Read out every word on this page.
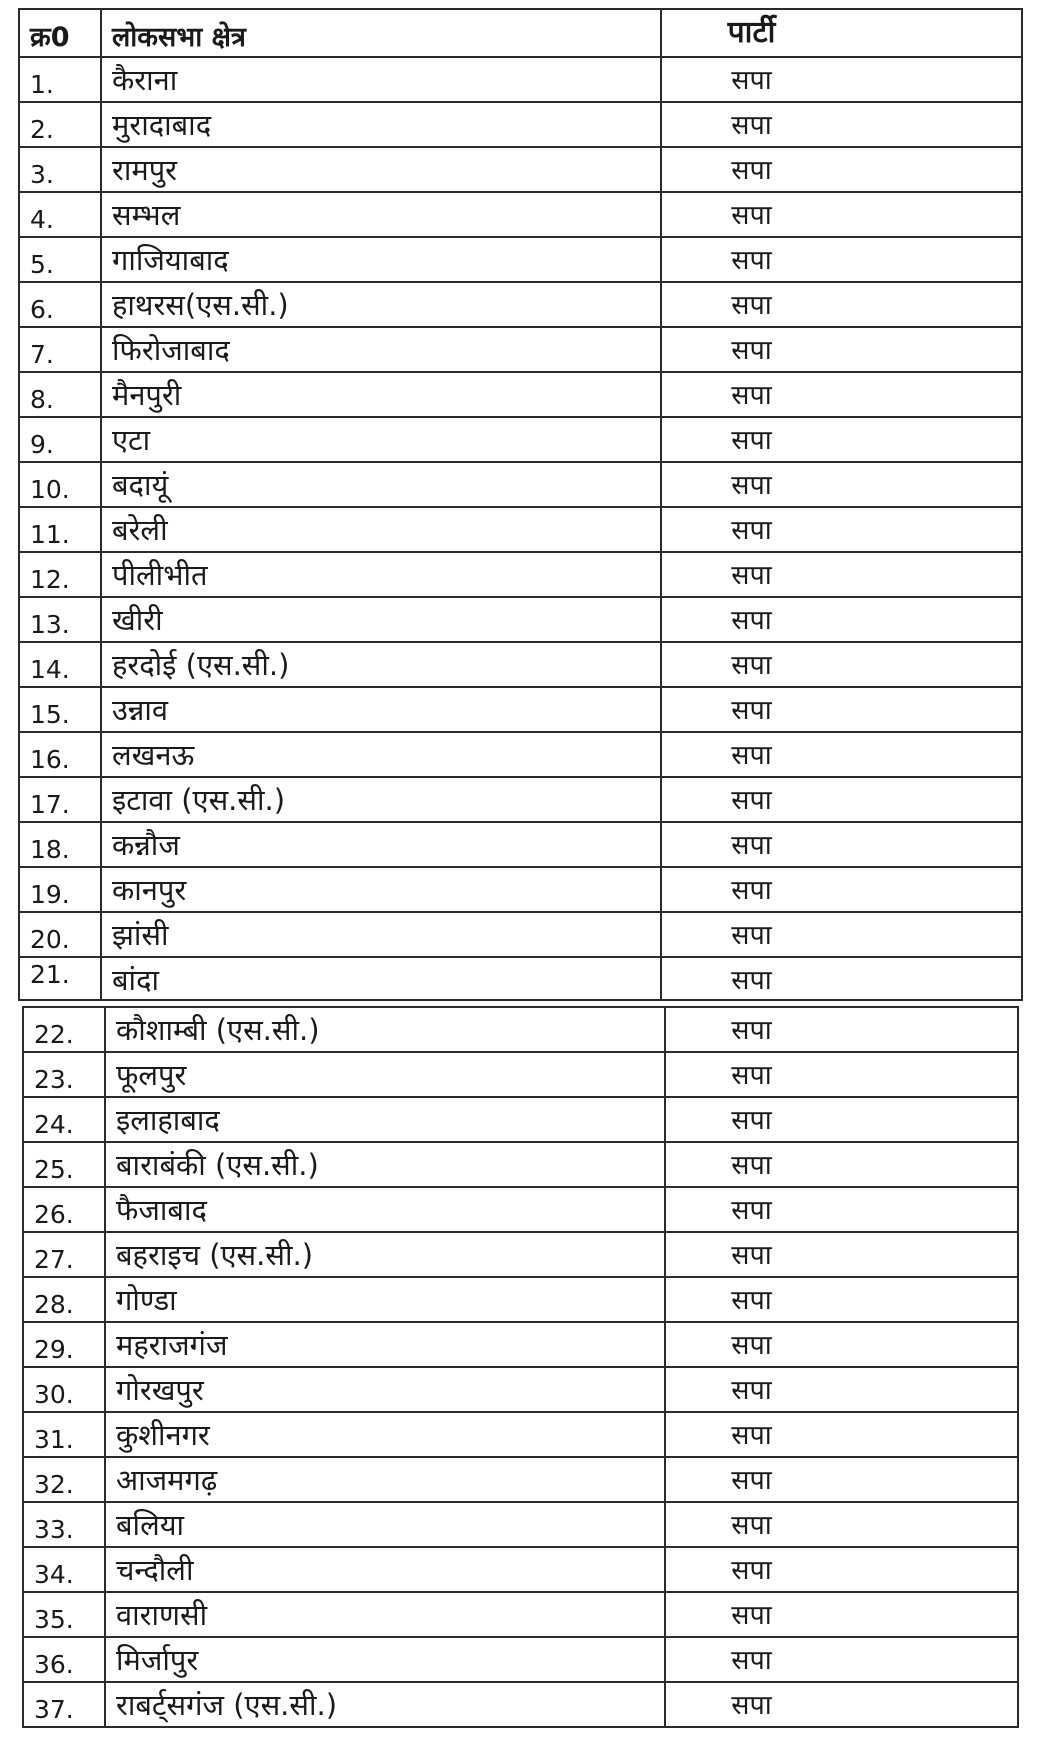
क्र0	लोकसभा क्षेत्र	पार्टी
1.	कैराना	सपा
2.	मुरादाबाद	सपा
3.	रामपुर	सपा
4.	सम्भल	सपा
5.	गाजियाबाद	सपा
6.	हाथरस(एस.सी.)	सपा
7.	फिरोजाबाद	सपा
8.	मैनपुरी	सपा
9.	एटा	सपा
10.	बदायूं	सपा
11.	बरेली	सपा
12.	पीलीभीत	सपा
13.	खीरी	सपा
14.	हरदोई (एस.सी.)	सपा
15.	उन्नाव	सपा
16.	लखनऊ	सपा
17.	इटावा (एस.सी.)	सपा
18.	कन्नौज	सपा
19.	कानपुर	सपा
20.	झांसी	सपा
21.	बांदा	सपा
22.	कौशाम्बी (एस.सी.)	सपा
23.	फूलपुर	सपा
24.	इलाहाबाद	सपा
25.	बाराबंकी (एस.सी.)	सपा
26.	फैजाबाद	सपा
27.	बहराइच (एस.सी.)	सपा
28.	गोण्डा	सपा
29.	महराजगंज	सपा
30.	गोरखपुर	सपा
31.	कुशीनगर	सपा
32.	आजमगढ़	सपा
33.	बलिया	सपा
34.	चन्दौली	सपा
35.	वाराणसी	सपा
36.	मिर्जापुर	सपा
37.	राबर्ट्सगंज (एस.सी.)	सपा
